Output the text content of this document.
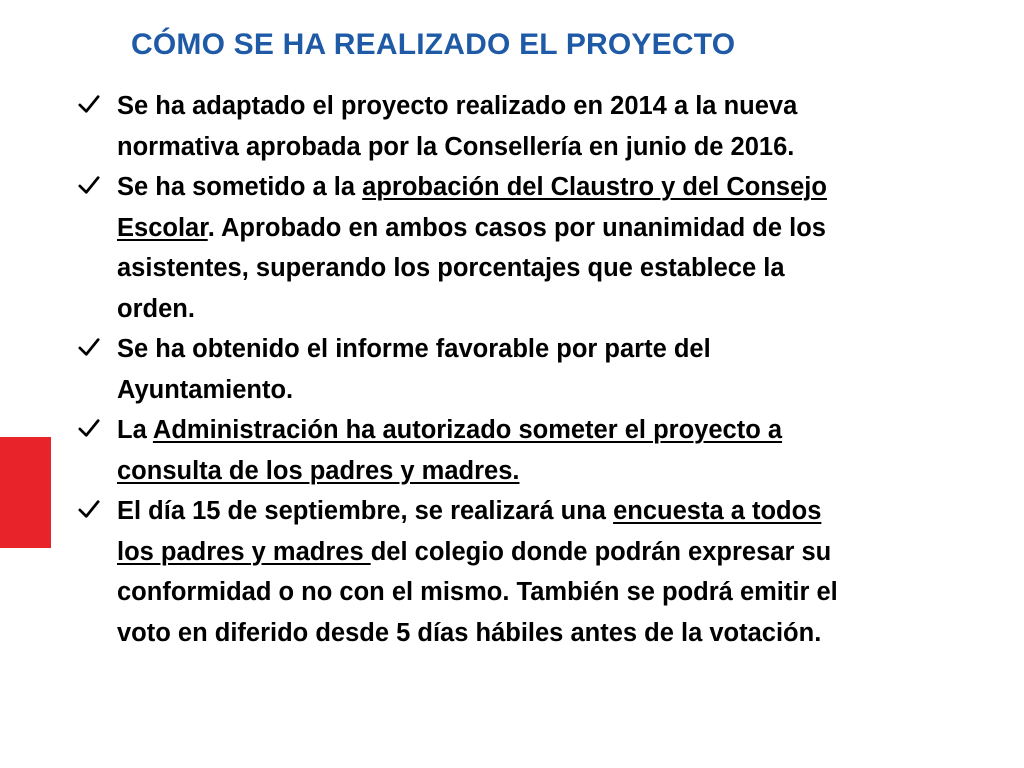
CÓMO SE HA REALIZADO EL PROYECTO
Se ha adaptado el proyecto realizado en 2014 a la nueva
normativa aprobada por la Consellería en junio de 2016.
Se ha sometido a la aprobación del Claustro y del Consejo
Escolar. Aprobado en ambos casos por unanimidad de los
asistentes, superando los porcentajes que establece la
orden.
Se ha obtenido el informe favorable por parte del
Ayuntamiento.
La Administración ha autorizado someter el proyecto a
consulta de los padres y madres.
El día 15 de septiembre, se realizará una encuesta a todos
los padres y madres del colegio donde podrán expresar su
conformidad o no con el mismo. También se podrá emitir el
voto en diferido desde 5 días hábiles antes de la votación.
